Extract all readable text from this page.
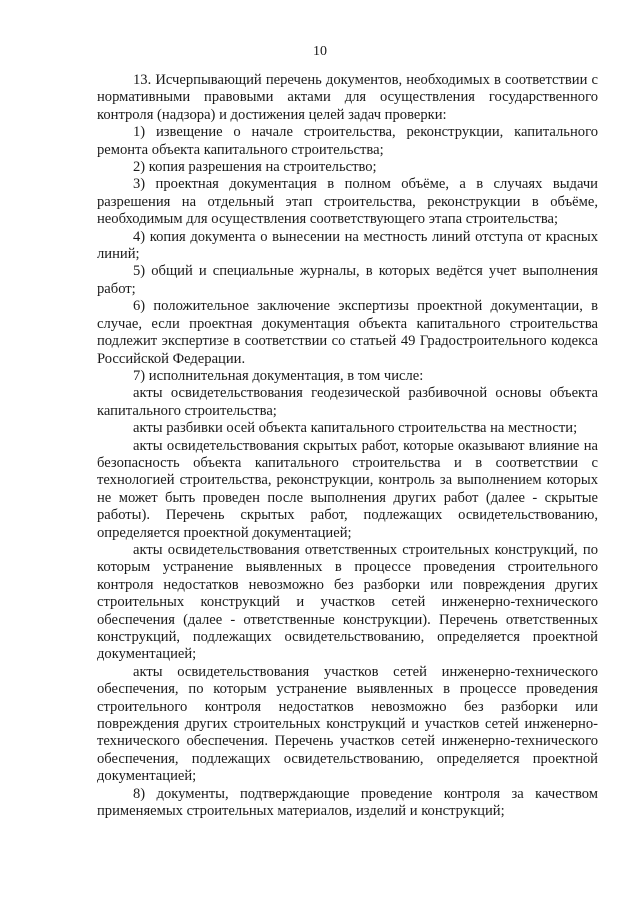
10

13. Исчерпывающий перечень документов, необходимых в соответствии с нормативными правовыми актами для осуществления государственного контроля (надзора) и достижения целей задач проверки:

1) извещение о начале строительства, реконструкции, капитального ремонта объекта капитального строительства;

2) копия разрешения на строительство;

3) проектная документация в полном объёме, а в случаях выдачи разрешения на отдельный этап строительства, реконструкции в объёме, необходимым для осуществления соответствующего этапа строительства;

4) копия документа о вынесении на местность линий отступа от красных линий;

5) общий и специальные журналы, в которых ведётся учет выполнения работ;

6) положительное заключение экспертизы проектной документации, в случае, если проектная документация объекта капитального строительства подлежит экспертизе в соответствии со статьей 49 Градостроительного кодекса Российской Федерации.

7) исполнительная документация, в том числе:

акты освидетельствования геодезической разбивочной основы объекта капитального строительства;

акты разбивки осей объекта капитального строительства на местности;

акты освидетельствования скрытых работ, которые оказывают влияние на безопасность объекта капитального строительства и в соответствии с технологией строительства, реконструкции, контроль за выполнением которых не может быть проведен после выполнения других работ (далее - скрытые работы). Перечень скрытых работ, подлежащих освидетельствованию, определяется проектной документацией;

акты освидетельствования ответственных строительных конструкций, по которым устранение выявленных в процессе проведения строительного контроля недостатков невозможно без разборки или повреждения других строительных конструкций и участков сетей инженерно-технического обеспечения (далее - ответственные конструкции). Перечень ответственных конструкций, подлежащих освидетельствованию, определяется проектной документацией;

акты освидетельствования участков сетей инженерно-технического обеспечения, по которым устранение выявленных в процессе проведения строительного контроля недостатков невозможно без разборки или повреждения других строительных конструкций и участков сетей инженерно-технического обеспечения. Перечень участков сетей инженерно-технического обеспечения, подлежащих освидетельствованию, определяется проектной документацией;

8) документы, подтверждающие проведение контроля за качеством применяемых строительных материалов, изделий и конструкций;
